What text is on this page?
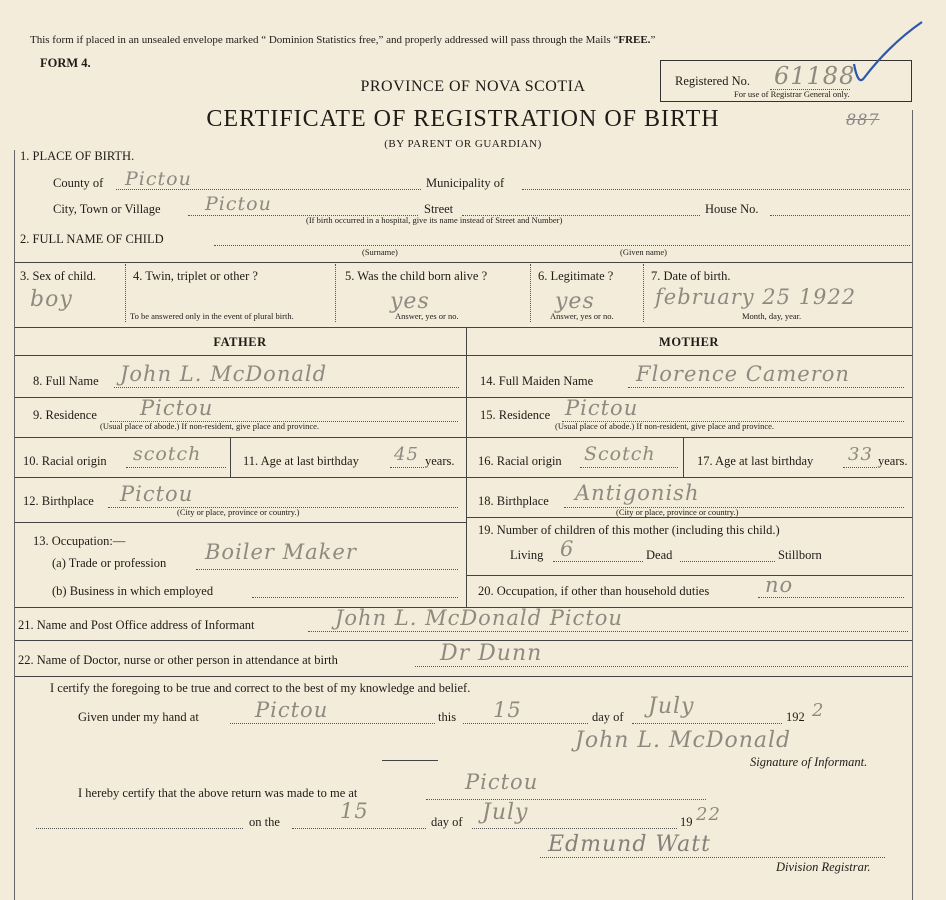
This form if placed in an unsealed envelope marked “ Dominion Statistics free,” and properly addressed will pass through the Mails “FREE.”
FORM 4.
Registered No. 61188
For use of Registrar General only.
887
PROVINCE OF NOVA SCOTIA
CERTIFICATE OF REGISTRATION OF BIRTH
(BY PARENT OR GUARDIAN)
1. PLACE OF BIRTH.
County of Pictou	Municipality of
City, Town or Village Pictou	Street	House No.
(If birth occurred in a hospital, give its name instead of Street and Number)
2. FULL NAME OF CHILD
(Surname)	(Given name)
3. Sex of child.
boy
4. Twin, triplet or other ?
To be answered only in the event of plural birth.
5. Was the child born alive ?
yes
Answer, yes or no.
6. Legitimate ?
yes
Answer, yes or no.
7. Date of birth.
february 25 1922
Month, day, year.
FATHER	MOTHER
8. Full Name John L. McDonald
9. Residence Pictou
(Usual place of abode.) If non-resident, give place and province.
10. Racial origin scotch	11. Age at last birthday 45 years.
12. Birthplace Pictou
(City or place, province or country.)
13. Occupation:—
(a) Trade or profession Boiler Maker
(b) Business in which employed
14. Full Maiden Name Florence Cameron
15. Residence Pictou
(Usual place of abode.) If non-resident, give place and province.
16. Racial origin Scotch	17. Age at last birthday 33 years.
18. Birthplace Antigonish
(City or place, province or country.)
19. Number of children of this mother (including this child.)
Living 6	Dead	Stillborn
20. Occupation, if other than household duties	no
21. Name and Post Office address of Informant	John L. McDonald Pictou
22. Name of Doctor, nurse or other person in attendance at birth	Dr Dunn
I certify the foregoing to be true and correct to the best of my knowledge and belief.
Given under my hand at	Pictou	this 15	day of July	192 2
John L. McDonald
Signature of Informant.
I hereby certify that the above return was made to me at	Pictou
on the	15	day of July	19 22
Edmund Watt
Division Registrar.
